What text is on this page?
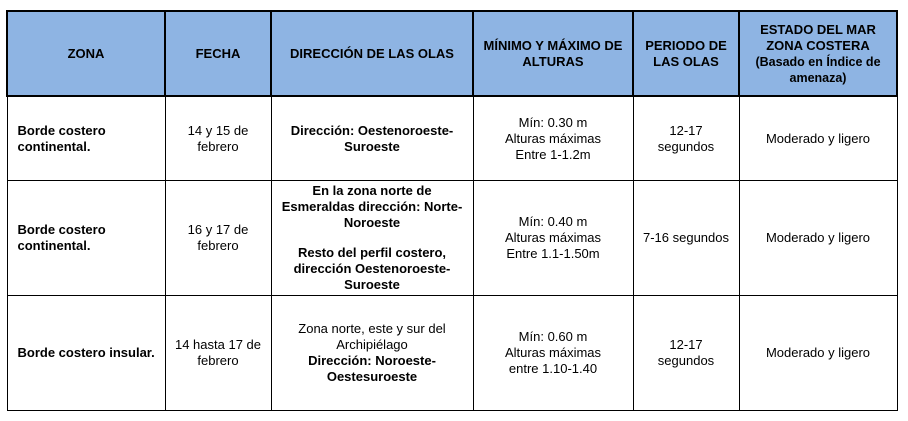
ZONA	FECHA	DIRECCIÓN DE LAS OLAS	MÍNIMO Y MÁXIMO DE ALTURAS	PERIODO DE LAS OLAS	ESTADO DEL MAR ZONA COSTERA
(Basado en Índice de amenaza)

Borde costero continental.	14 y 15 de febrero	Dirección: Oestenoroeste-Suroeste	Mín: 0.30 m
Alturas máximas
Entre 1-1.2m	12-17 segundos	Moderado y ligero
Borde costero continental.	16 y 17 de febrero	En la zona norte de Esmeraldas dirección: Norte-Noroeste
Resto del perfil costero, dirección Oestenoroeste-Suroeste	Mín: 0.40 m
Alturas máximas
Entre 1.1-1.50m	7-16 segundos	Moderado y ligero
Borde costero insular.	14 hasta 17 de febrero	Zona norte, este y sur del Archipiélago
Dirección: Noroeste-Oestesuroeste	Mín: 0.60 m
Alturas máximas
entre 1.10-1.40	12-17 segundos	Moderado y ligero
